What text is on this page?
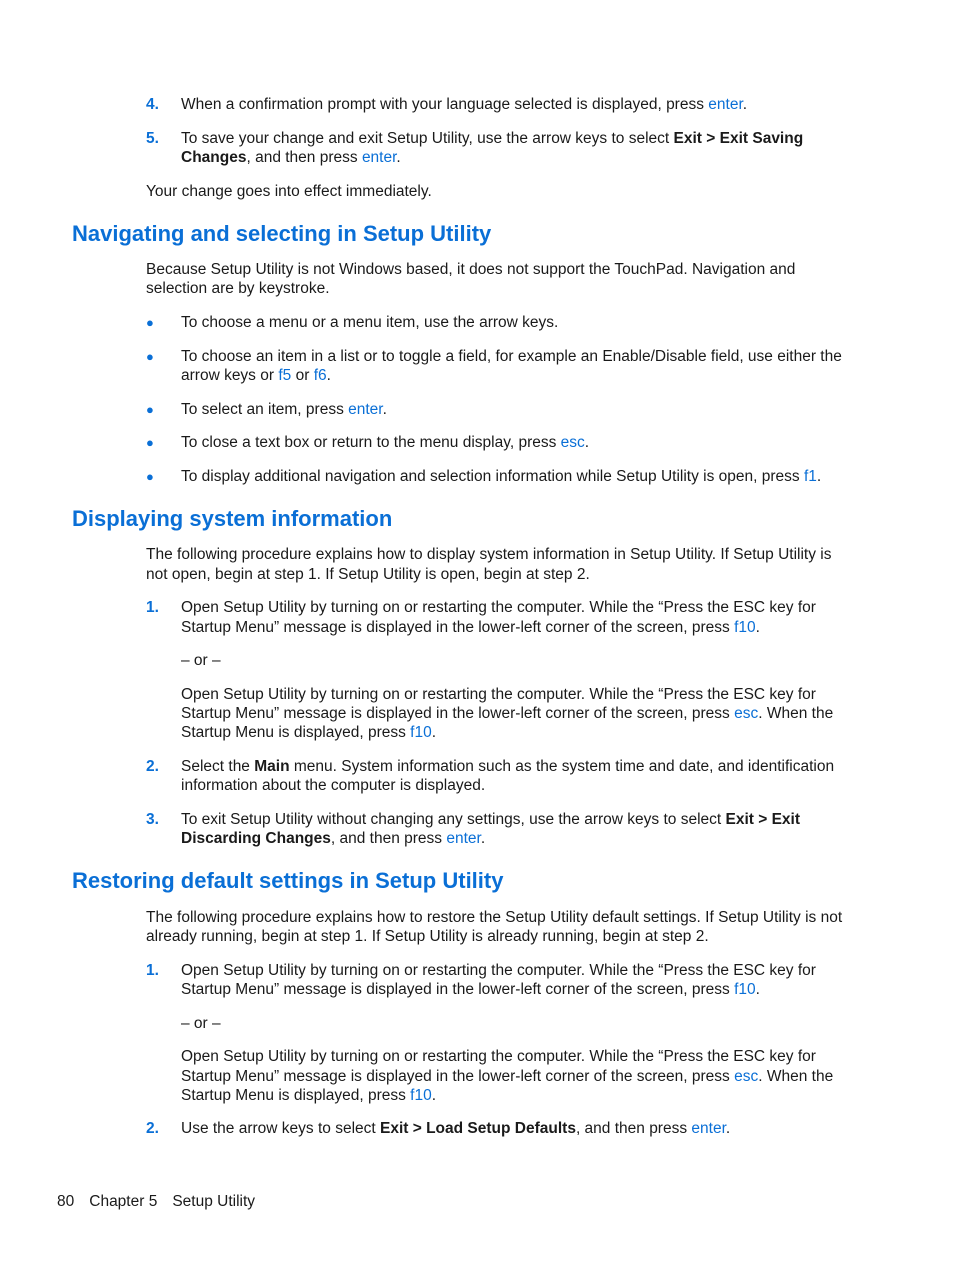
4. When a confirmation prompt with your language selected is displayed, press enter.
5. To save your change and exit Setup Utility, use the arrow keys to select Exit > Exit Saving
Changes, and then press enter.
Your change goes into effect immediately.
Navigating and selecting in Setup Utility
Because Setup Utility is not Windows based, it does not support the TouchPad. Navigation and
selection are by keystroke.
● To choose a menu or a menu item, use the arrow keys.
● To choose an item in a list or to toggle a field, for example an Enable/Disable field, use either the
arrow keys or f5 or f6.
● To select an item, press enter.
● To close a text box or return to the menu display, press esc.
● To display additional navigation and selection information while Setup Utility is open, press f1.
Displaying system information
The following procedure explains how to display system information in Setup Utility. If Setup Utility is
not open, begin at step 1. If Setup Utility is open, begin at step 2.
1. Open Setup Utility by turning on or restarting the computer. While the “Press the ESC key for
Startup Menu” message is displayed in the lower-left corner of the screen, press f10.
– or –
Open Setup Utility by turning on or restarting the computer. While the “Press the ESC key for
Startup Menu” message is displayed in the lower-left corner of the screen, press esc. When the
Startup Menu is displayed, press f10.
2. Select the Main menu. System information such as the system time and date, and identification
information about the computer is displayed.
3. To exit Setup Utility without changing any settings, use the arrow keys to select Exit > Exit
Discarding Changes, and then press enter.
Restoring default settings in Setup Utility
The following procedure explains how to restore the Setup Utility default settings. If Setup Utility is not
already running, begin at step 1. If Setup Utility is already running, begin at step 2.
1. Open Setup Utility by turning on or restarting the computer. While the “Press the ESC key for
Startup Menu” message is displayed in the lower-left corner of the screen, press f10.
– or –
Open Setup Utility by turning on or restarting the computer. While the “Press the ESC key for
Startup Menu” message is displayed in the lower-left corner of the screen, press esc. When the
Startup Menu is displayed, press f10.
2. Use the arrow keys to select Exit > Load Setup Defaults, and then press enter.
80 Chapter 5 Setup Utility
